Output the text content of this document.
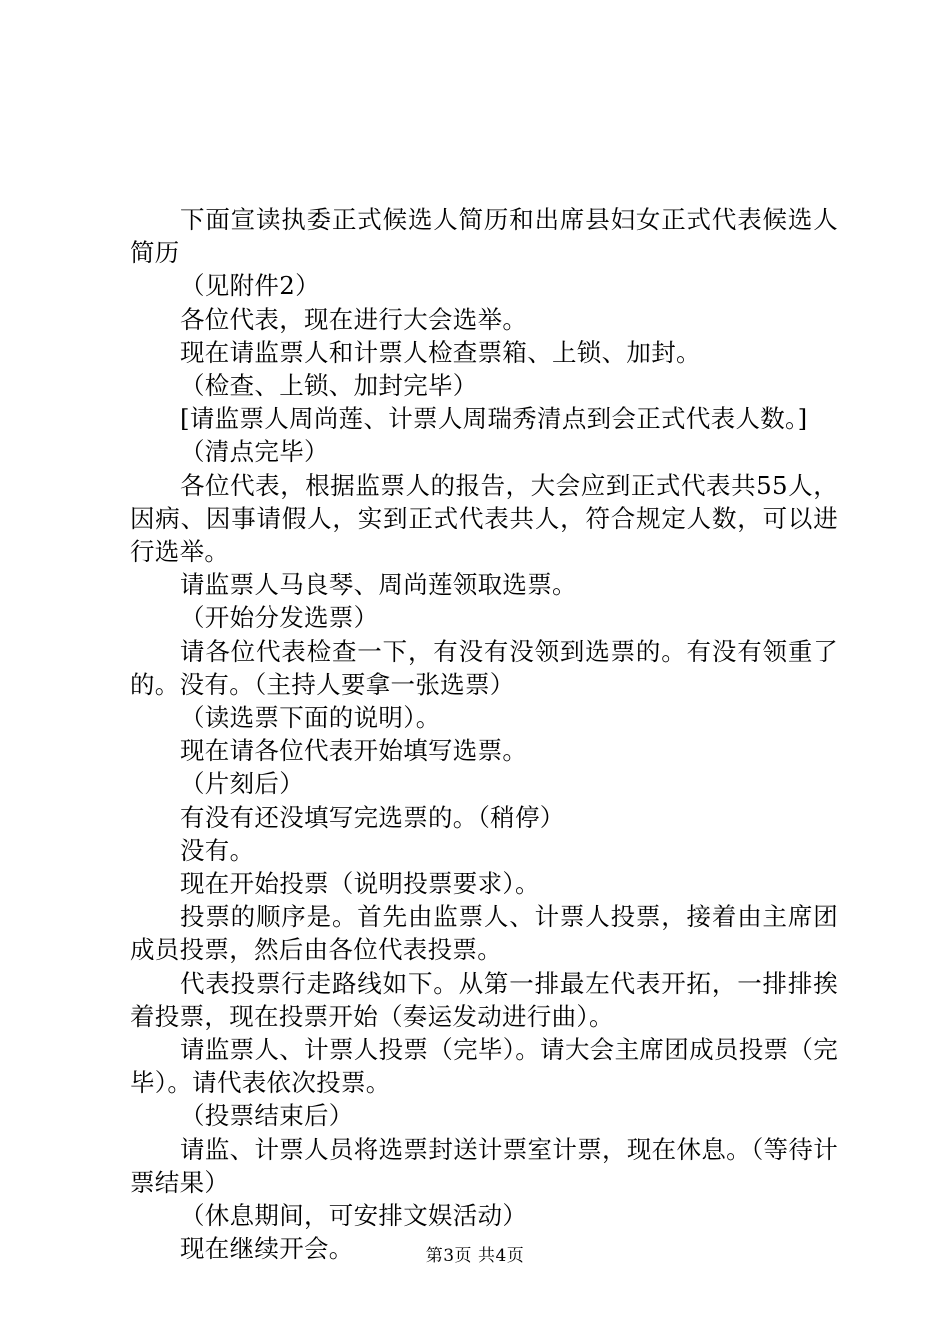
下面宣读执委正式候选人简历和出席县妇女正式代表候选人简历

（见附件2）

各位代表，现在进行大会选举。

现在请监票人和计票人检查票箱、上锁、加封。

（检查、上锁、加封完毕）

[请监票人周尚莲、计票人周瑞秀清点到会正式代表人数。]

（清点完毕）

各位代表，根据监票人的报告，大会应到正式代表共55人，因病、因事请假人，实到正式代表共人，符合规定人数，可以进行选举。

请监票人马良琴、周尚莲领取选票。

（开始分发选票）

请各位代表检查一下，有没有没领到选票的。有没有领重了的。没有。（主持人要拿一张选票）

（读选票下面的说明）。

现在请各位代表开始填写选票。

（片刻后）

有没有还没填写完选票的。（稍停）

没有。

现在开始投票（说明投票要求）。

投票的顺序是。首先由监票人、计票人投票，接着由主席团成员投票，然后由各位代表投票。

代表投票行走路线如下。从第一排最左代表开拓，一排排挨着投票，现在投票开始（奏运发动进行曲）。

请监票人、计票人投票（完毕）。请大会主席团成员投票（完毕）。请代表依次投票。

（投票结束后）

请监、计票人员将选票封送计票室计票，现在休息。（等待计票结果）

（休息期间，可安排文娱活动）

现在继续开会。	第3页 共4页
